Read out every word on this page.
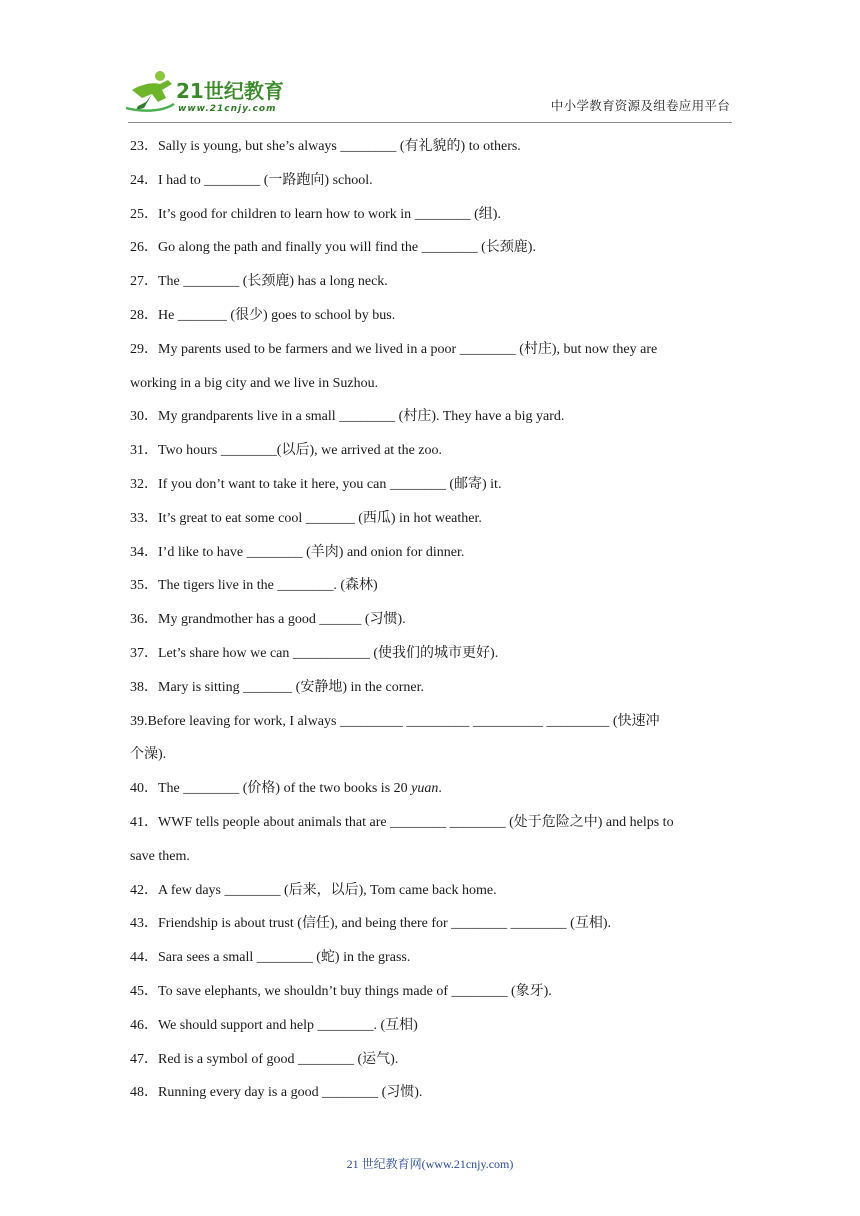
21世纪教育
www.21cnjy.com	中小学教育资源及组卷应用平台
23．Sally is young, but she’s always ________ (有礼貌的) to others.
24．I had to ________ (一路跑向) school.
25．It’s good for children to learn how to work in ________ (组).
26．Go along the path and finally you will find the ________ (长颈鹿).
27．The ________ (长颈鹿) has a long neck.
28．He _______ (很少) goes to school by bus.
29．My parents used to be farmers and we lived in a poor ________ (村庄), but now they are
working in a big city and we live in Suzhou.
30．My grandparents live in a small ________ (村庄). They have a big yard.
31．Two hours ________(以后), we arrived at the zoo.
32．If you don’t want to take it here, you can ________ (邮寄) it.
33．It’s great to eat some cool _______ (西瓜) in hot weather.
34．I’d like to have ________ (羊肉) and onion for dinner.
35．The tigers live in the ________. (森林)
36．My grandmother has a good ______ (习惯).
37．Let’s share how we can ___________ (使我们的城市更好).
38．Mary is sitting _______ (安静地) in the corner.
39.Before leaving for work, I always _________ _________ __________ _________ (快速冲
个澡).
40．The ________ (价格) of the two books is 20 yuan.
41．WWF tells people about animals that are ________ ________ (处于危险之中) and helps to
save them.
42．A few days ________ (后来，以后), Tom came back home.
43．Friendship is about trust (信任), and being there for ________ ________ (互相).
44．Sara sees a small ________ (蛇) in the grass.
45．To save elephants, we shouldn’t buy things made of ________ (象牙).
46．We should support and help ________. (互相)
47．Red is a symbol of good ________ (运气).
48．Running every day is a good ________ (习惯).
21 世纪教育网(www.21cnjy.com)
